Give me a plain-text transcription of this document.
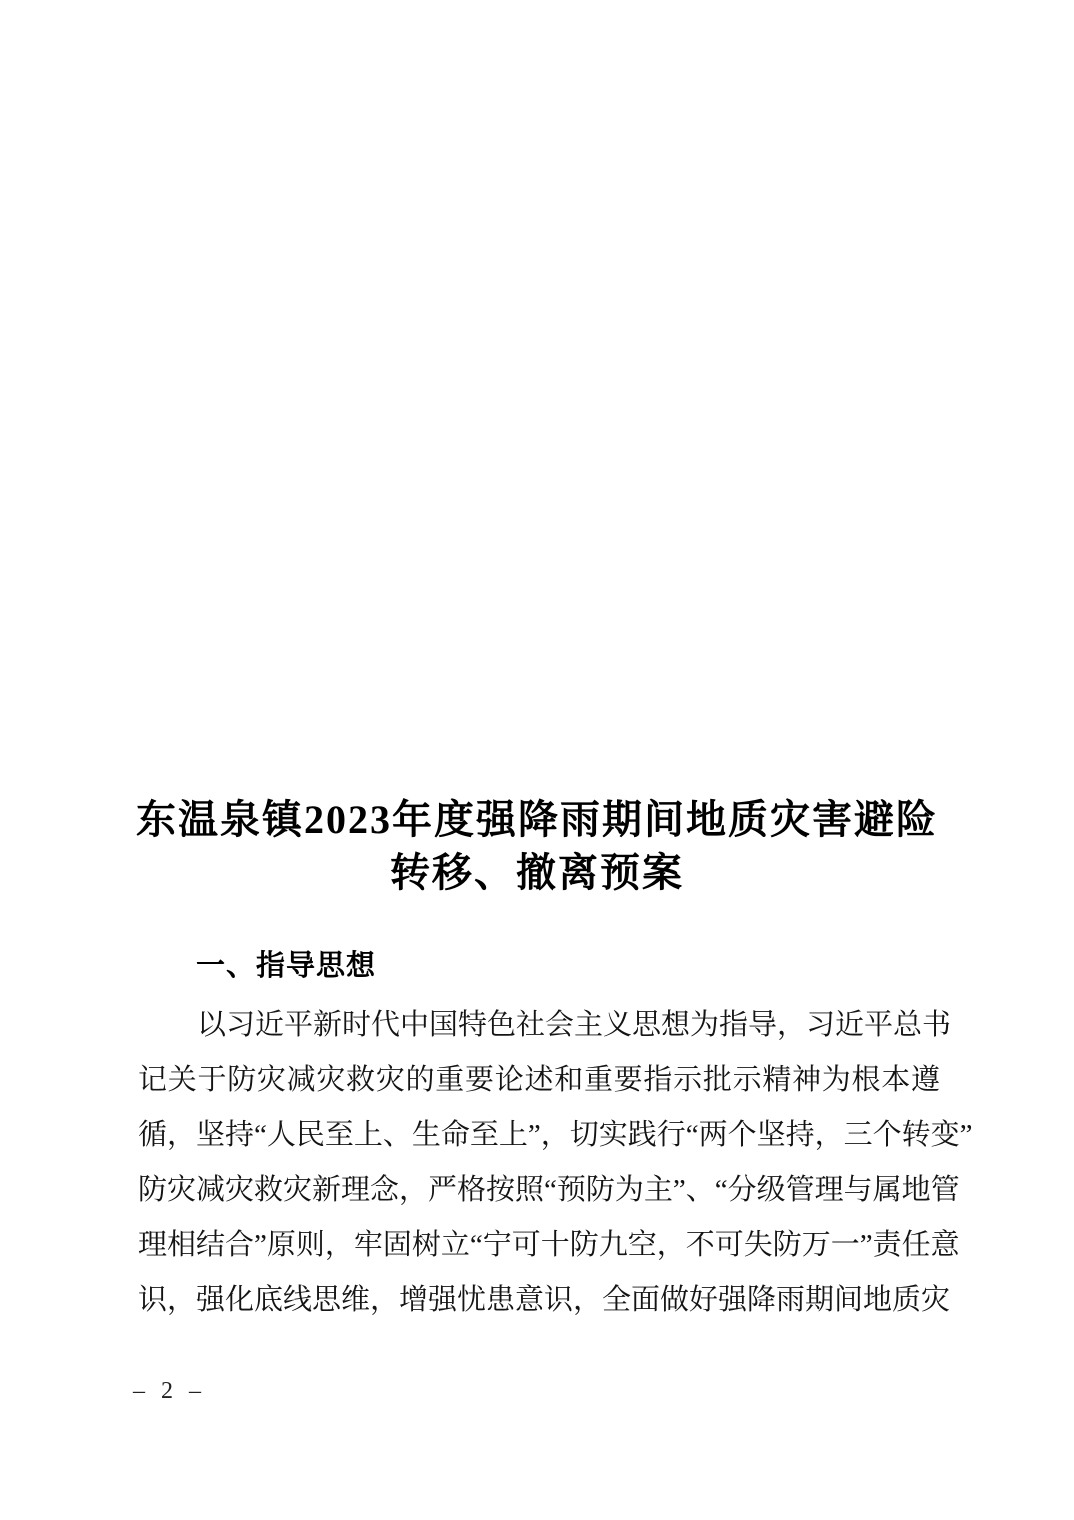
东温泉镇2023年度强降雨期间地质灾害避险
转移、撤离预案
一、指导思想
以习近平新时代中国特色社会主义思想为指导，习近平总书
记关于防灾减灾救灾的重要论述和重要指示批示精神为根本遵
循，坚持“人民至上、生命至上”，切实践行“两个坚持，三个转变”
防灾减灾救灾新理念，严格按照“预防为主”、“分级管理与属地管
理相结合”原则，牢固树立“宁可十防九空，不可失防万一”责任意
识，强化底线思维，增强忧患意识，全面做好强降雨期间地质灾
– 2 –
